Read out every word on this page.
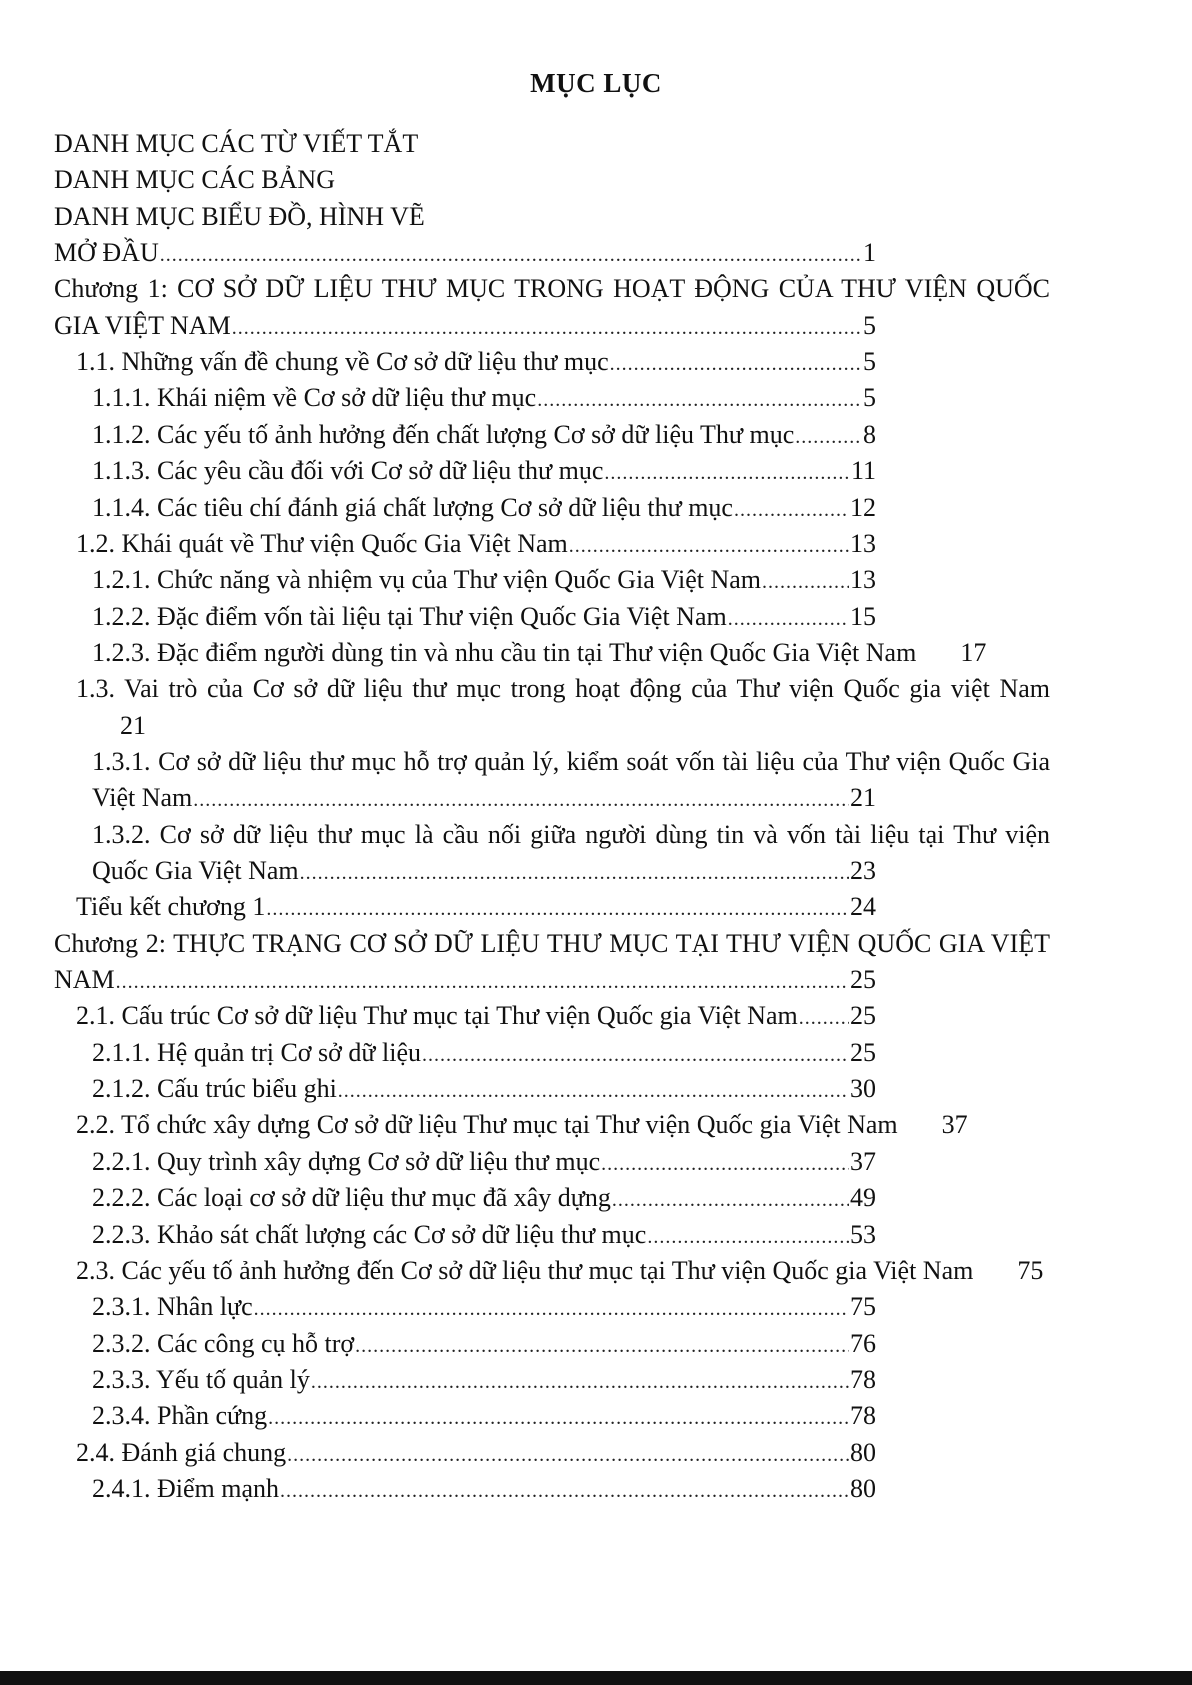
MỤC LỤC
DANH MỤC CÁC TỪ VIẾT TẮT
DANH MỤC CÁC BẢNG
DANH MỤC BIỂU ĐỒ, HÌNH VẼ
MỞ ĐẦU .....	1
Chương 1: CƠ SỞ DỮ LIỆU THƯ MỤC TRONG HOẠT ĐỘNG CỦA THƯ VIỆN QUỐC
GIA VIỆT NAM .....	5
1.1. Những vấn đề chung về Cơ sở dữ liệu thư mục .....	5
1.1.1. Khái niệm về Cơ sở dữ liệu thư mục .....	5
1.1.2. Các yếu tố ảnh hưởng đến chất lượng Cơ sở dữ liệu Thư mục .....	8
1.1.3. Các yêu cầu đối với Cơ sở dữ liệu thư mục .....	11
1.1.4. Các tiêu chí đánh giá chất lượng Cơ sở dữ liệu thư mục .....	12
1.2. Khái quát về Thư viện Quốc Gia Việt Nam .....	13
1.2.1. Chức năng và nhiệm vụ của Thư viện Quốc Gia Việt Nam .....	13
1.2.2. Đặc điểm vốn tài liệu tại Thư viện Quốc Gia Việt Nam .....	15
1.2.3. Đặc điểm người dùng tin và nhu cầu tin tại Thư viện Quốc Gia Việt Nam 17
1.3. Vai trò của Cơ sở dữ liệu thư mục trong hoạt động của Thư viện Quốc gia việt Nam
21
1.3.1. Cơ sở dữ liệu thư mục hỗ trợ quản lý, kiểm soát vốn tài liệu của Thư viện Quốc Gia
Việt Nam .....	21
1.3.2. Cơ sở dữ liệu thư mục là cầu nối giữa người dùng tin và vốn tài liệu tại Thư viện
Quốc Gia Việt Nam .....	23
Tiểu kết chương 1 .....	24
Chương 2: THỰC TRẠNG CƠ SỞ DỮ LIỆU THƯ MỤC TẠI THƯ VIỆN QUỐC GIA VIỆT
NAM .....	25
2.1. Cấu trúc Cơ sở dữ liệu Thư mục tại Thư viện Quốc gia Việt Nam ..... 25
2.1.1. Hệ quản trị Cơ sở dữ liệu .....	25
2.1.2. Cấu trúc biểu ghi .....	30
2.2. Tổ chức xây dựng Cơ sở dữ liệu Thư mục tại Thư viện Quốc gia Việt Nam 37
2.2.1. Quy trình xây dựng Cơ sở dữ liệu thư mục .....	37
2.2.2. Các loại cơ sở dữ liệu thư mục đã xây dựng .....	49
2.2.3. Khảo sát chất lượng các Cơ sở dữ liệu thư mục .....	53
2.3. Các yếu tố ảnh hưởng đến Cơ sở dữ liệu thư mục tại Thư viện Quốc gia Việt Nam 75
2.3.1. Nhân lực .....	75
2.3.2. Các công cụ hỗ trợ .....	76
2.3.3. Yếu tố quản lý .....	78
2.3.4. Phần cứng .....	78
2.4. Đánh giá chung .....	80
2.4.1. Điểm mạnh .....	80
